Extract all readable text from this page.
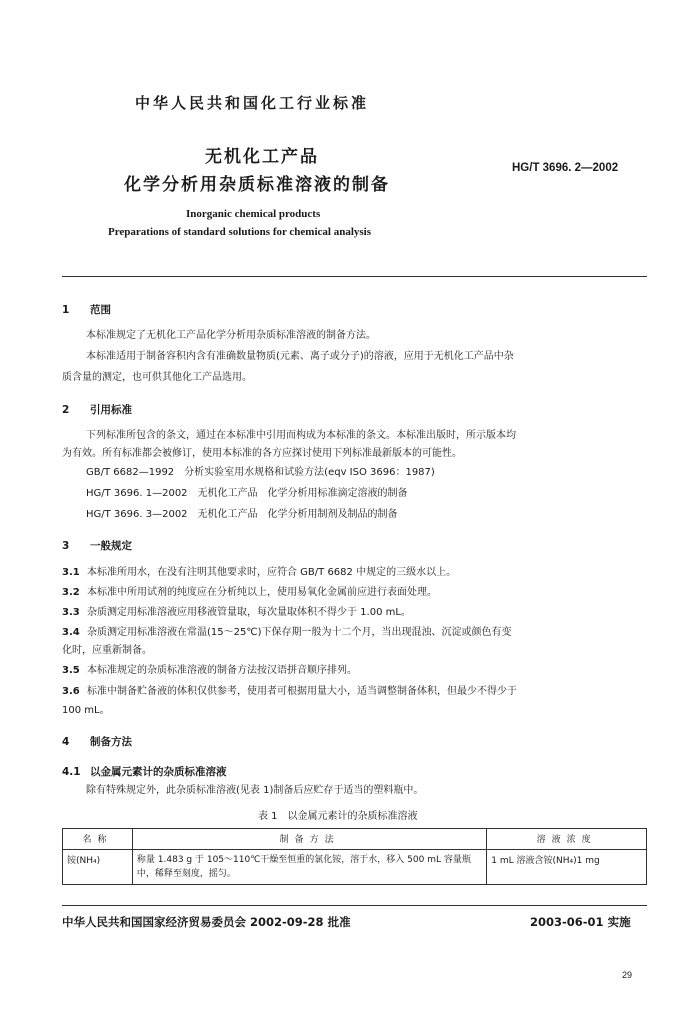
中华人民共和国化工行业标准
无机化工产品
化学分析用杂质标准溶液的制备
HG/T 3696. 2—2002
Inorganic chemical products
Preparations of standard solutions for chemical analysis
1 范围
本标准规定了无机化工产品化学分析用杂质标准溶液的制备方法。
本标准适用于制备容积内含有准确数量物质(元素、离子或分子)的溶液，应用于无机化工产品中杂
质含量的测定，也可供其他化工产品选用。
2 引用标准
下列标准所包含的条文，通过在本标准中引用而构成为本标准的条文。本标准出版时，所示版本均
为有效。所有标准都会被修订，使用本标准的各方应探讨使用下列标准最新版本的可能性。
GB/T 6682—1992　分析实验室用水规格和试验方法(eqv ISO 3696：1987)
HG/T 3696. 1—2002　无机化工产品　化学分析用标准滴定溶液的制备
HG/T 3696. 3—2002　无机化工产品　化学分析用制剂及制品的制备
3 一般规定
3.1 本标准所用水，在没有注明其他要求时，应符合 GB/T 6682 中规定的三级水以上。
3.2 本标准中所用试剂的纯度应在分析纯以上，使用易氧化金属前应进行表面处理。
3.3 杂质测定用标准溶液应用移液管量取，每次量取体积不得少于 1.00 mL。
3.4 杂质测定用标准溶液在常温(15～25℃)下保存期一般为十二个月，当出现混浊、沉淀或颜色有变
化时，应重新制备。
3.5 本标准规定的杂质标准溶液的制备方法按汉语拼音顺序排列。
3.6 标准中制备贮备液的体积仅供参考，使用者可根据用量大小，适当调整制备体积，但最少不得少于
100 mL。
4 制备方法
4.1 以金属元素计的杂质标准溶液
除有特殊规定外，此杂质标准溶液(见表 1)制备后应贮存于适当的塑料瓶中。
表 1　以金属元素计的杂质标准溶液
名称	制备方法	溶液浓度
铵(NH₄)	称量 1.483 g 于 105～110℃干燥至恒重的氯化铵，溶于水，移入 500 mL 容量瓶中，稀释至刻度，摇匀。	1 mL 溶液含铵(NH₄)1 mg
中华人民共和国国家经济贸易委员会 2002-09-28 批准	2003-06-01 实施
29
